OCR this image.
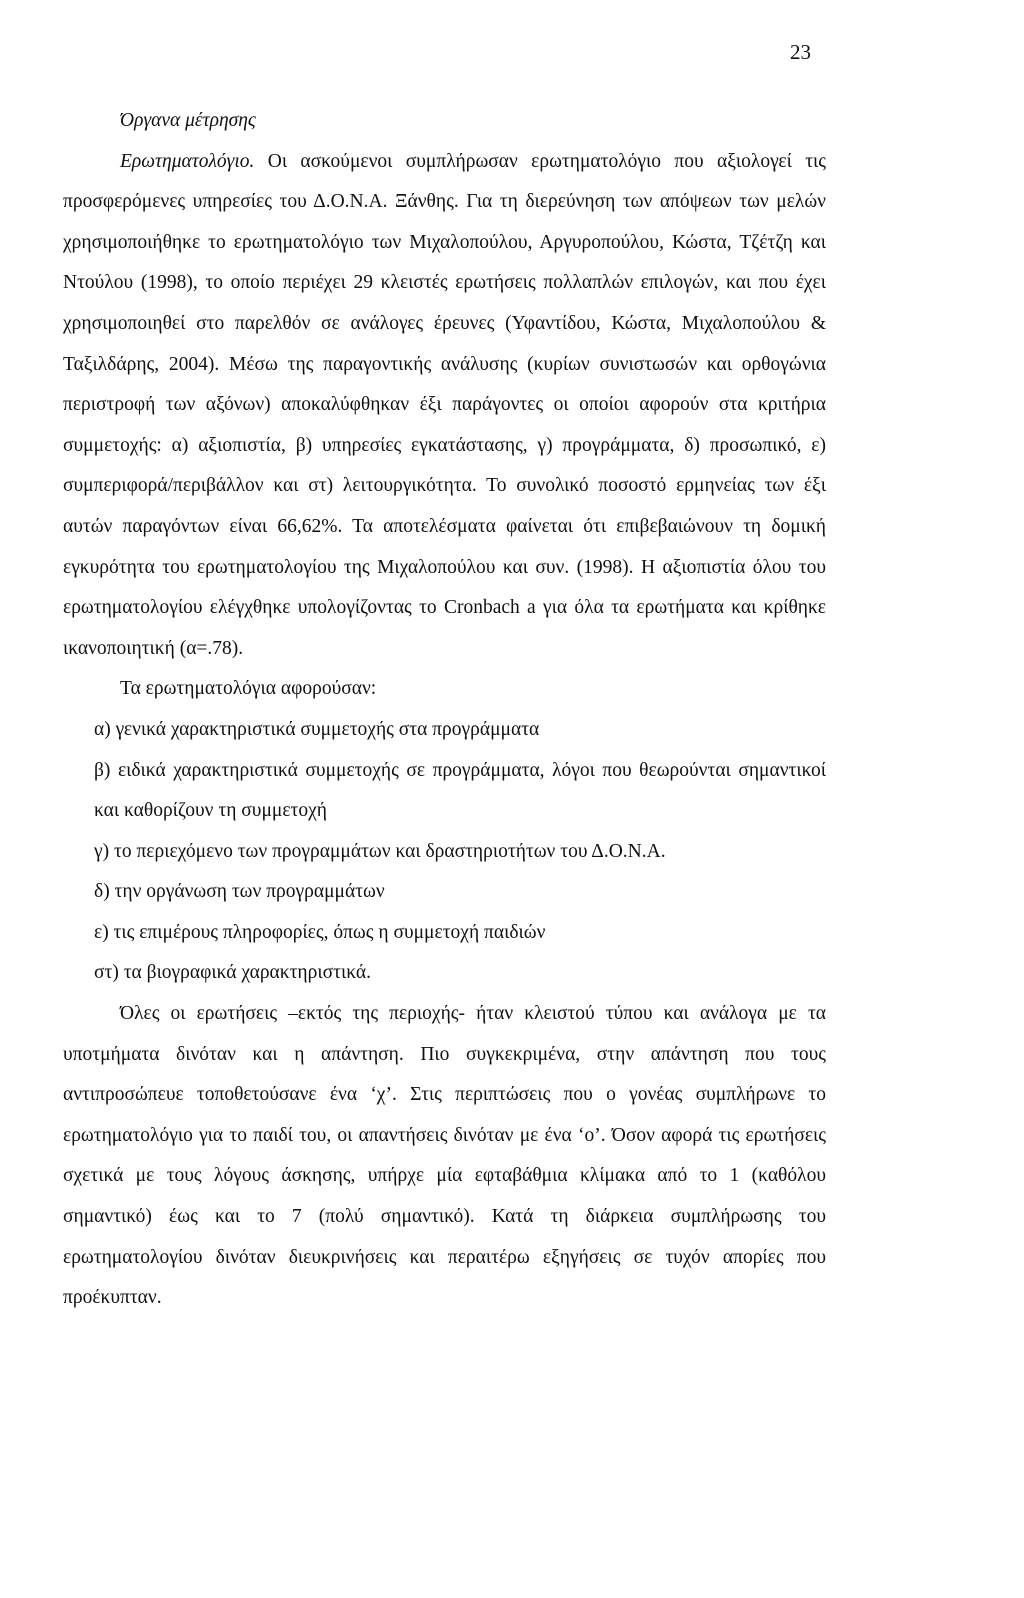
23

Όργανα μέτρησης

Ερωτηματολόγιο. Οι ασκούμενοι συμπλήρωσαν ερωτηματολόγιο που αξιολογεί τις προσφερόμενες υπηρεσίες του Δ.Ο.Ν.Α. Ξάνθης. Για τη διερεύνηση των απόψεων των μελών χρησιμοποιήθηκε το ερωτηματολόγιο των Μιχαλοπούλου, Αργυροπούλου, Κώστα, Τζέτζη και Ντούλου (1998), το οποίο περιέχει 29 κλειστές ερωτήσεις πολλαπλών επιλογών, και που έχει χρησιμοποιηθεί στο παρελθόν σε ανάλογες έρευνες (Υφαντίδου, Κώστα, Μιχαλοπούλου & Ταξιλδάρης, 2004). Μέσω της παραγοντικής ανάλυσης (κυρίων συνιστωσών και ορθογώνια περιστροφή των αξόνων) αποκαλύφθηκαν έξι παράγοντες οι οποίοι αφορούν στα κριτήρια συμμετοχής: α) αξιοπιστία, β) υπηρεσίες εγκατάστασης, γ) προγράμματα, δ) προσωπικό, ε) συμπεριφορά/περιβάλλον και στ) λειτουργικότητα. Το συνολικό ποσοστό ερμηνείας των έξι αυτών παραγόντων είναι 66,62%. Τα αποτελέσματα φαίνεται ότι επιβεβαιώνουν τη δομική εγκυρότητα του ερωτηματολογίου της Μιχαλοπούλου και συν. (1998). Η αξιοπιστία όλου του ερωτηματολογίου ελέγχθηκε υπολογίζοντας το Cronbach a για όλα τα ερωτήματα και κρίθηκε ικανοποιητική (α=.78).

Τα ερωτηματολόγια αφορούσαν:

α) γενικά χαρακτηριστικά συμμετοχής στα προγράμματα

β) ειδικά χαρακτηριστικά συμμετοχής σε προγράμματα, λόγοι που θεωρούνται σημαντικοί και καθορίζουν τη συμμετοχή

γ) το περιεχόμενο των προγραμμάτων και δραστηριοτήτων του Δ.Ο.Ν.Α.

δ) την οργάνωση των προγραμμάτων

ε) τις επιμέρους πληροφορίες, όπως η συμμετοχή παιδιών

στ) τα βιογραφικά χαρακτηριστικά.

Όλες οι ερωτήσεις –εκτός της περιοχής- ήταν κλειστού τύπου και ανάλογα με τα υποτμήματα δινόταν και η απάντηση. Πιο συγκεκριμένα, στην απάντηση που τους αντιπροσώπευε τοποθετούσανε ένα ‘χ’. Στις περιπτώσεις που ο γονέας συμπλήρωνε το ερωτηματολόγιο για το παιδί του, οι απαντήσεις δινόταν με ένα ‘ο’. Όσον αφορά τις ερωτήσεις σχετικά με τους λόγους άσκησης, υπήρχε μία εφταβάθμια κλίμακα από το 1 (καθόλου σημαντικό) έως και το 7 (πολύ σημαντικό). Κατά τη διάρκεια συμπλήρωσης του ερωτηματολογίου δινόταν διευκρινήσεις και περαιτέρω εξηγήσεις σε τυχόν απορίες που προέκυπταν.
